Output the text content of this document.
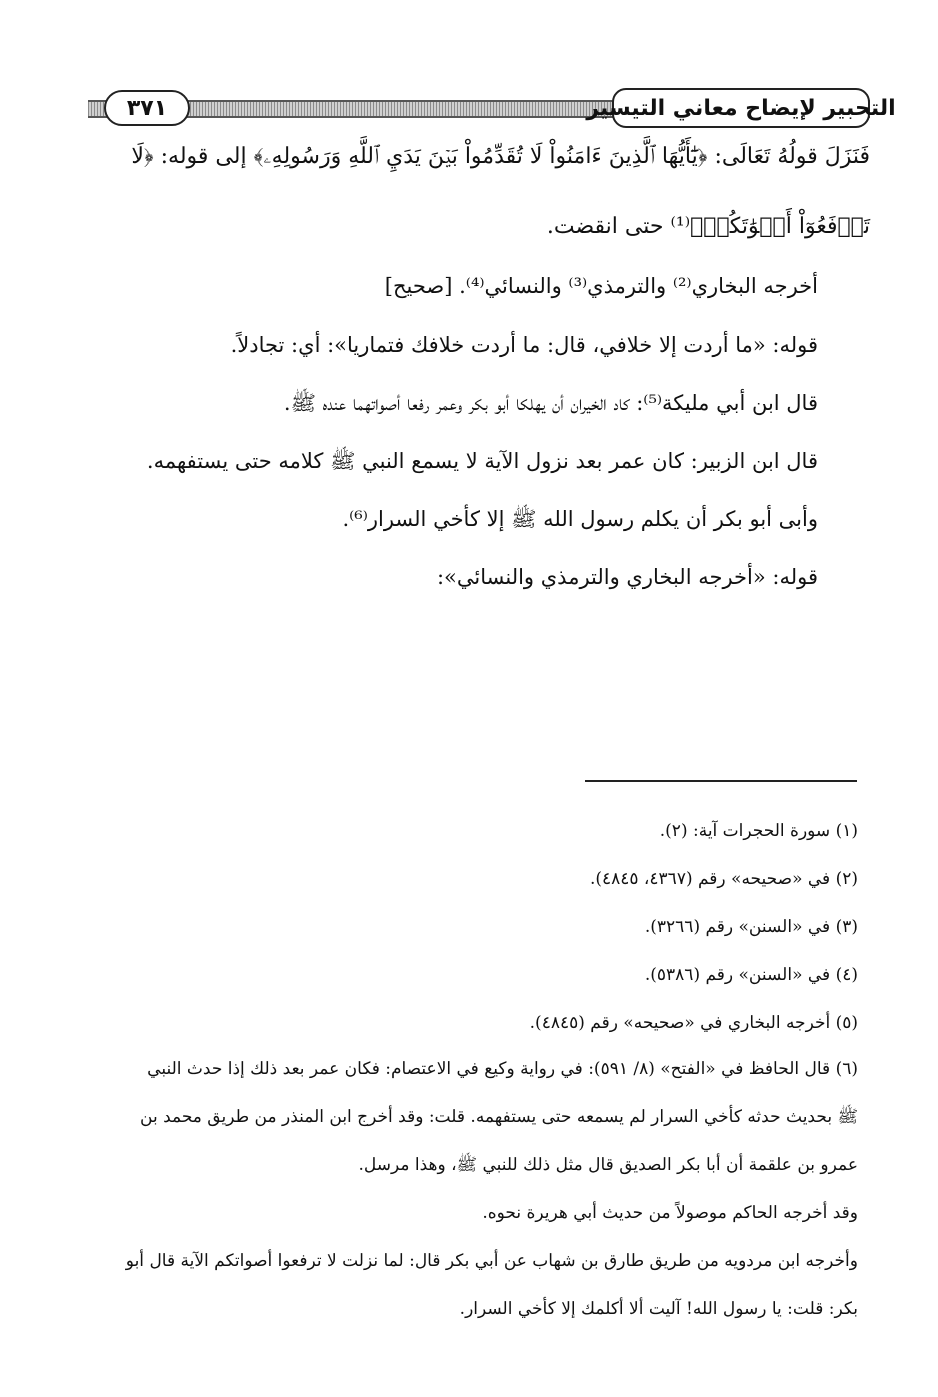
التحبير لإيضاح معاني التيسير
٣٧١
فَنَزَلَ قولُهُ تَعَالَى: ﴿يَٰٓأَيُّهَا ٱلَّذِينَ ءَامَنُواْ لَا تُقَدِّمُواْ بَيۡنَ يَدَيِ ٱللَّهِ وَرَسُولِهِۦ﴾ إلى قوله: ﴿لَا
تَرۡفَعُوٓاْ أَصۡوَٰتَكُمۡ﴾⁽¹⁾ حتى انقضت.
أخرجه البخاري⁽²⁾ والترمذي⁽³⁾ والنسائي⁽⁴⁾. [صحيح]
قوله: «ما أردت إلا خلافي، قال: ما أردت خلافك فتماريا»: أي: تجادلاً.
قال ابن أبي مليكة⁽⁵⁾: كاد الخيران أن يهلكا أبو بكر وعمر رفعا أصواتهما عنده ﷺ.
قال ابن الزبير: كان عمر بعد نزول الآية لا يسمع النبي ﷺ كلامه حتى يستفهمه.
وأبى أبو بكر أن يكلم رسول الله ﷺ إلا كأخي السرار⁽⁶⁾.
قوله: «أخرجه البخاري والترمذي والنسائي»:
(١) سورة الحجرات آية: (٢).
(٢) في «صحيحه» رقم (٤٣٦٧، ٤٨٤٥).
(٣) في «السنن» رقم (٣٢٦٦).
(٤) في «السنن» رقم (٥٣٨٦).
(٥) أخرجه البخاري في «صحيحه» رقم (٤٨٤٥).
(٦) قال الحافظ في «الفتح» (٨/ ٥٩١): في رواية وكيع في الاعتصام: فكان عمر بعد ذلك إذا حدث النبي
ﷺ بحديث حدثه كأخي السرار لم يسمعه حتى يستفهمه. قلت: وقد أخرج ابن المنذر من طريق محمد بن
عمرو بن علقمة أن أبا بكر الصديق قال مثل ذلك للنبي ﷺ، وهذا مرسل.
وقد أخرجه الحاكم موصولاً من حديث أبي هريرة نحوه.
وأخرجه ابن مردويه من طريق طارق بن شهاب عن أبي بكر قال: لما نزلت لا ترفعوا أصواتكم الآية قال أبو
بكر: قلت: يا رسول الله! آليت ألا أكلمك إلا كأخي السرار.
